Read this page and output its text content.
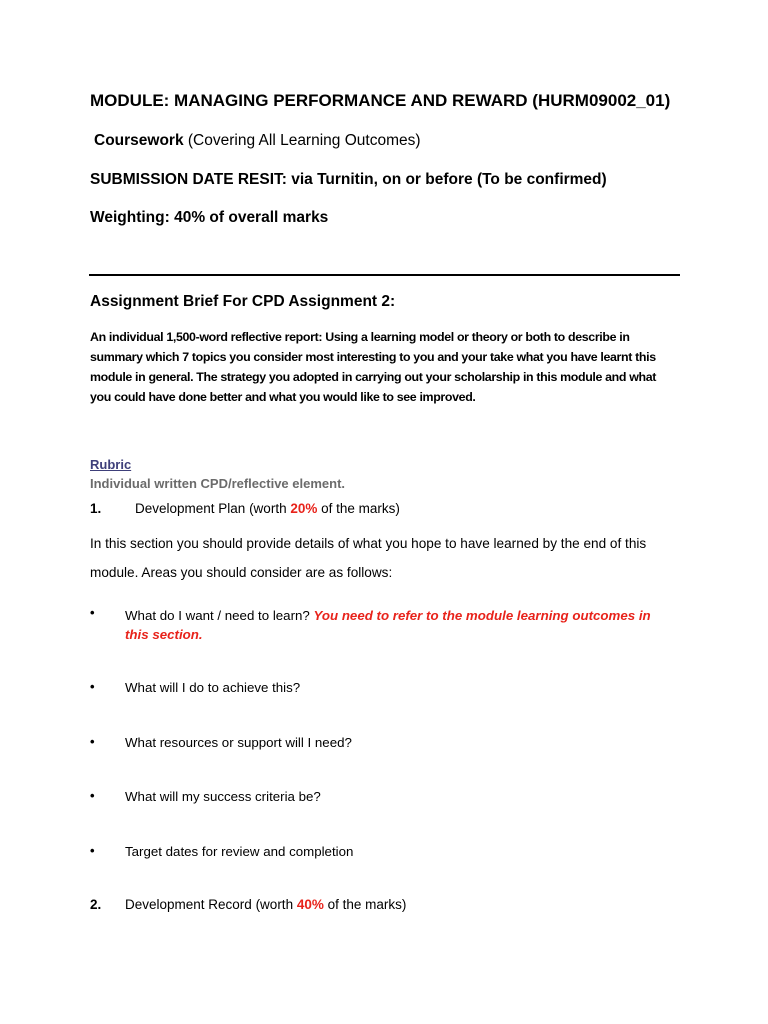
MODULE: MANAGING PERFORMANCE AND REWARD (HURM09002_01)

Coursework (Covering All Learning Outcomes)

SUBMISSION DATE RESIT: via Turnitin, on or before (To be confirmed)

Weighting: 40% of overall marks

Assignment Brief For CPD Assignment 2:

An individual 1,500-word reflective report: Using a learning model or theory or both to describe in
summary which 7 topics you consider most interesting to you and your take what you have learnt this
module in general. The strategy you adopted in carrying out your scholarship in this module and what
you could have done better and what you would like to see improved.

Rubric

Individual written CPD/reflective element.

1. Development Plan (worth 20% of the marks)

In this section you should provide details of what you hope to have learned by the end of this

module. Areas you should consider are as follows:

• What do I want / need to learn? You need to refer to the module learning outcomes in
this section.

• What will I do to achieve this?

• What resources or support will I need?

• What will my success criteria be?

• Target dates for review and completion

2. Development Record (worth 40% of the marks)
